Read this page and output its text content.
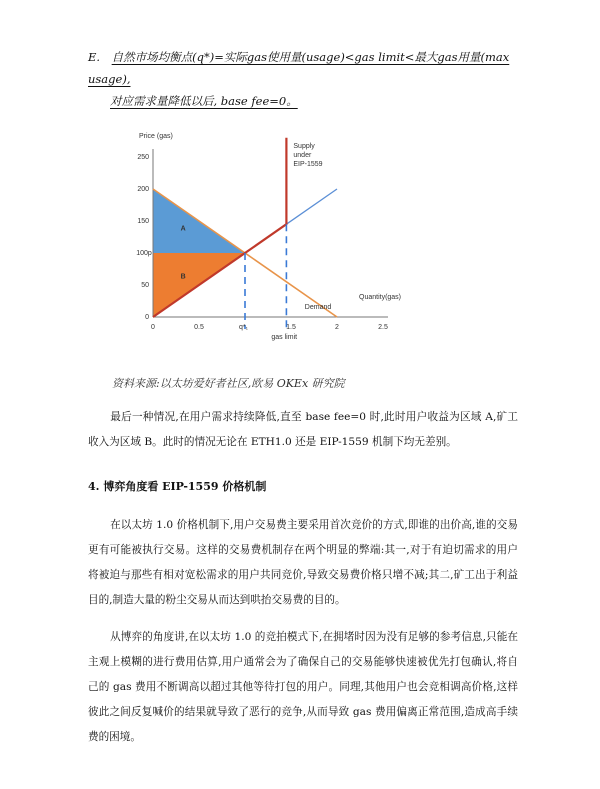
E. 自然市场均衡点(q*)=实际gas使用量(usage)<gas limit<最大gas用量(max usage),
对应需求量降低以后, base fee=0。
0	0.5	1.5	2	2.5
0
50
150
200
250
100p
Price (gas)
Quantity(gas)
q*₁
gas limit
Demand
Supply
under
EIP-1559
A
B
资料来源:以太坊爱好者社区,欧易 OKEx 研究院
最后一种情况,在用户需求持续降低,直至 base fee=0 时,此时用户收益为区域 A,矿工收入为区域 B。此时的情况无论在 ETH1.0 还是 EIP-1559 机制下均无差别。
4. 博弈角度看 EIP-1559 价格机制
在以太坊 1.0 价格机制下,用户交易费主要采用首次竞价的方式,即谁的出价高,谁的交易更有可能被执行交易。这样的交易费机制存在两个明显的弊端:其一,对于有迫切需求的用户将被迫与那些有相对宽松需求的用户共同竞价,导致交易费价格只增不减;其二,矿工出于利益目的,制造大量的粉尘交易从而达到哄抬交易费的目的。
从博弈的角度讲,在以太坊 1.0 的竞拍模式下,在拥堵时因为没有足够的参考信息,只能在主观上模糊的进行费用估算,用户通常会为了确保自己的交易能够快速被优先打包确认,将自己的 gas 费用不断调高以超过其他等待打包的用户。同理,其他用户也会竞相调高价格,这样彼此之间反复喊价的结果就导致了恶行的竞争,从而导致 gas 费用偏离正常范围,造成高手续费的困境。
